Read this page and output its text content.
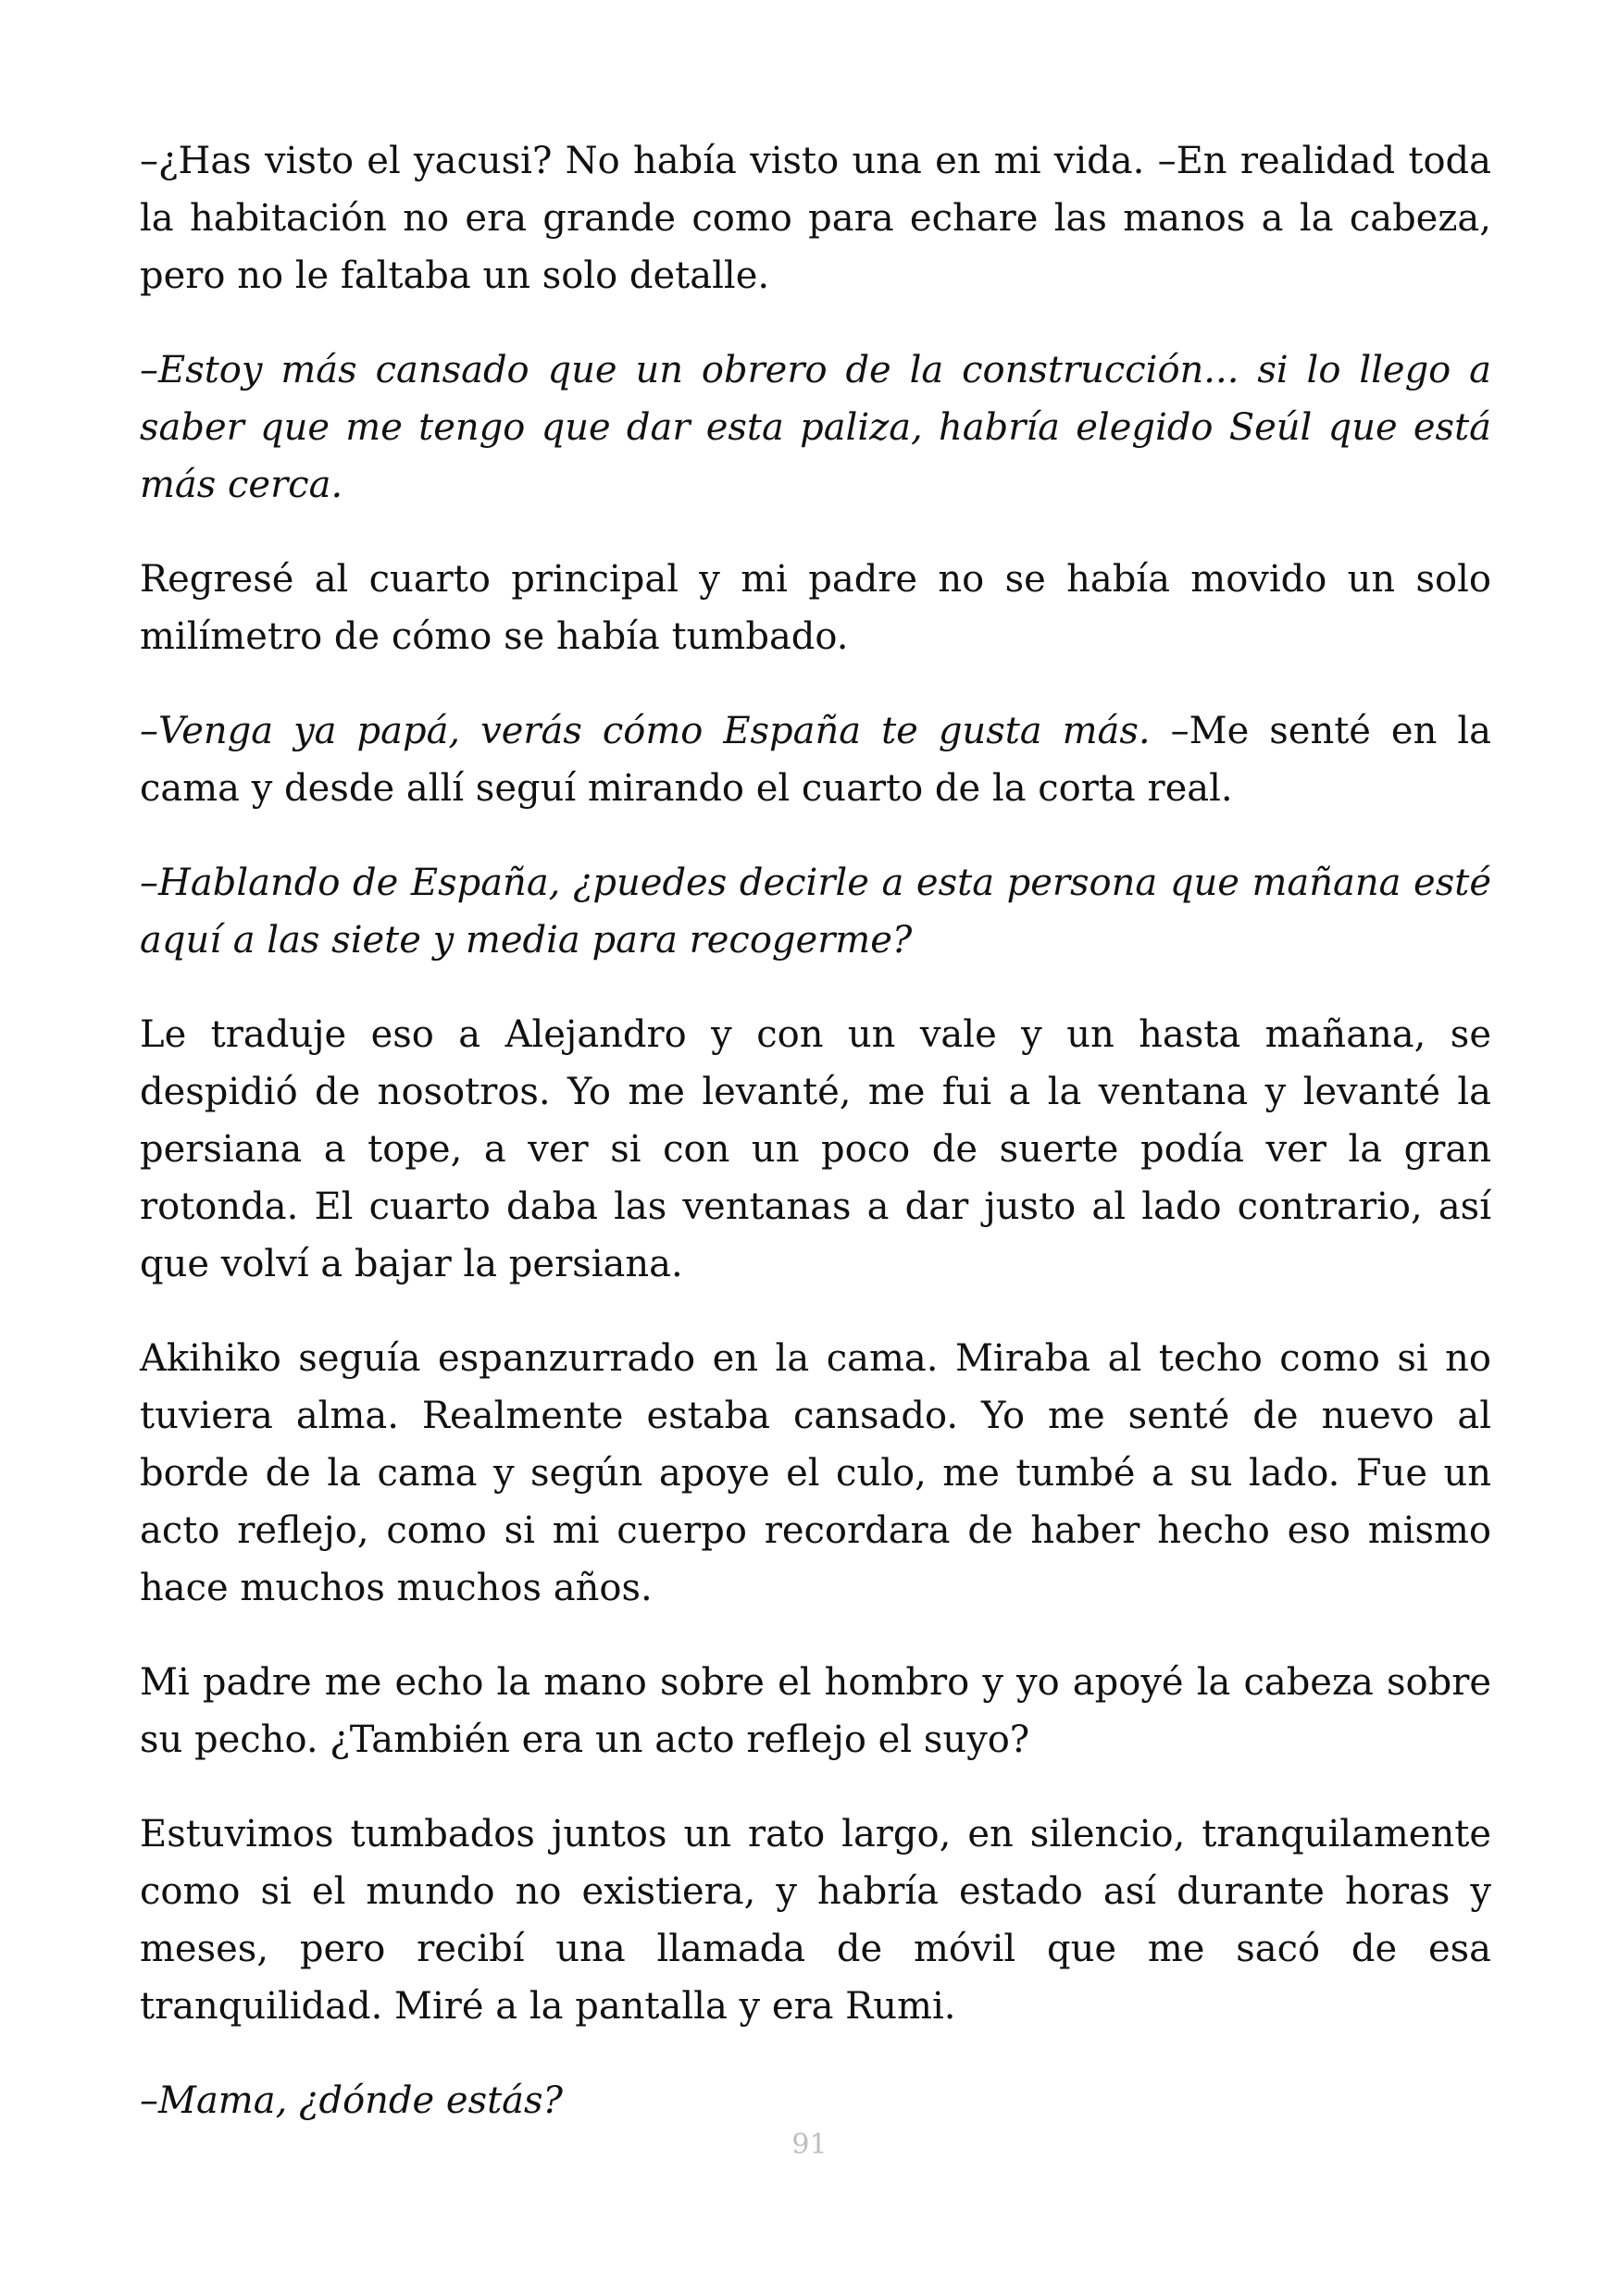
–¿Has visto el yacusi? No había visto una en mi vida. –En realidad toda la habitación no era grande como para echare las manos a la cabeza, pero no le faltaba un solo detalle.

–Estoy más cansado que un obrero de la construcción... si lo llego a saber que me tengo que dar esta paliza, habría elegido Seúl que está más cerca.

Regresé al cuarto principal y mi padre no se había movido un solo milímetro de cómo se había tumbado.

–Venga ya papá, verás cómo España te gusta más. –Me senté en la cama y desde allí seguí mirando el cuarto de la corta real.

–Hablando de España, ¿puedes decirle a esta persona que mañana esté aquí a las siete y media para recogerme?

Le traduje eso a Alejandro y con un vale y un hasta mañana, se despidió de nosotros. Yo me levanté, me fui a la ventana y levanté la persiana a tope, a ver si con un poco de suerte podía ver la gran rotonda. El cuarto daba las ventanas a dar justo al lado contrario, así que volví a bajar la persiana.

Akihiko seguía espanzurrado en la cama. Miraba al techo como si no tuviera alma. Realmente estaba cansado. Yo me senté de nuevo al borde de la cama y según apoye el culo, me tumbé a su lado. Fue un acto reflejo, como si mi cuerpo recordara de haber hecho eso mismo hace muchos muchos años.

Mi padre me echo la mano sobre el hombro y yo apoyé la cabeza sobre su pecho. ¿También era un acto reflejo el suyo?

Estuvimos tumbados juntos un rato largo, en silencio, tranquilamente como si el mundo no existiera, y habría estado así durante horas y meses, pero recibí una llamada de móvil que me sacó de esa tranquilidad. Miré a la pantalla y era Rumi.

–Mama, ¿dónde estás?

91
